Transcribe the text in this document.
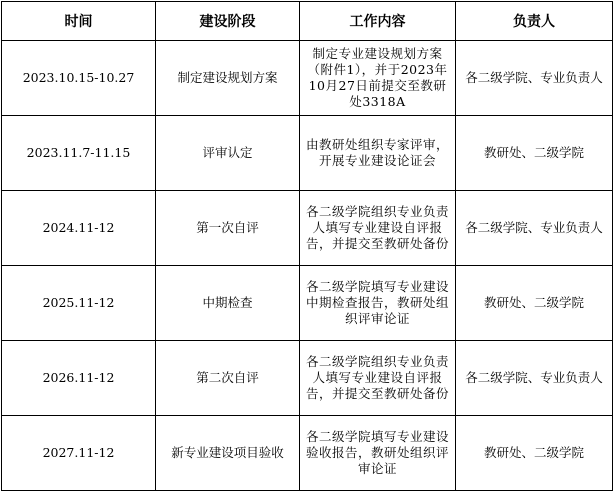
时间	建设阶段	工作内容	负责人
2023.10.15-10.27	制定建设规划方案	制定专业建设规划方案（附件1），并于2023年10月27日前提交至教研处3318A	各二级学院、专业负责人
2023.11.7-11.15	评审认定	由教研处组织专家评审，开展专业建设论证会	教研处、二级学院
2024.11-12	第一次自评	各二级学院组织专业负责人填写专业建设自评报告，并提交至教研处备份	各二级学院、专业负责人
2025.11-12	中期检查	各二级学院填写专业建设中期检查报告，教研处组织评审论证	教研处、二级学院
2026.11-12	第二次自评	各二级学院组织专业负责人填写专业建设自评报告，并提交至教研处备份	各二级学院、专业负责人
2027.11-12	新专业建设项目验收	各二级学院填写专业建设验收报告，教研处组织评审论证	教研处、二级学院
